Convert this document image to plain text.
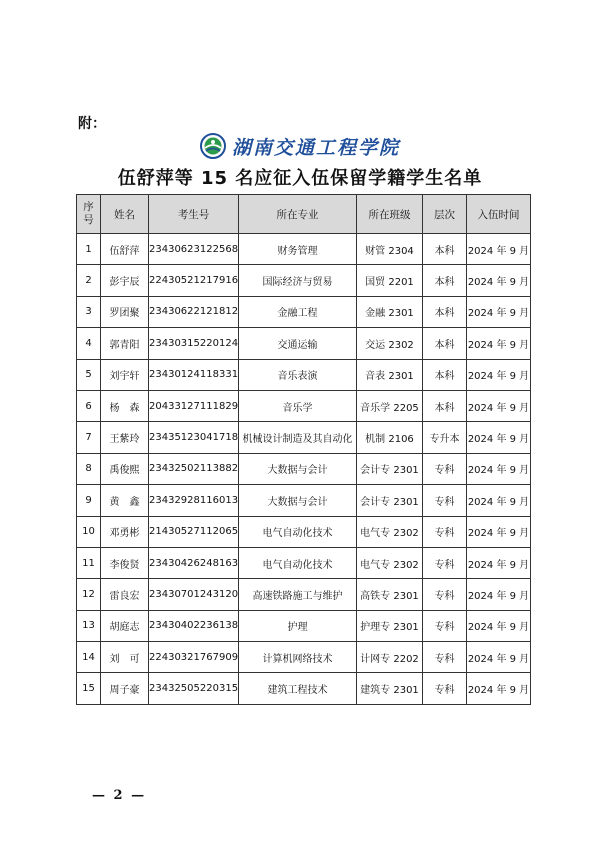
附：
湖南交通工程学院
伍舒萍等 15 名应征入伍保留学籍学生名单
序
号	姓名	考生号	所在专业	所在班级	层次	入伍时间
1	伍舒萍	23430623122568	财务管理	财管 2304	本科	2024 年 9 月
2	彭宇辰	22430521217916	国际经济与贸易	国贸 2201	本科	2024 年 9 月
3	罗团聚	23430622121812	金融工程	金融 2301	本科	2024 年 9 月
4	郭青阳	23430315220124	交通运输	交运 2302	本科	2024 年 9 月
5	刘宇轩	23430124118331	音乐表演	音表 2301	本科	2024 年 9 月
6	杨　森	20433127111829	音乐学	音乐学 2205	本科	2024 年 9 月
7	王紫玲	23435123041718	机械设计制造及其自动化	机制 2106	专升本	2024 年 9 月
8	禹俊熙	23432502113882	大数据与会计	会计专 2301	专科	2024 年 9 月
9	黄　鑫	23432928116013	大数据与会计	会计专 2301	专科	2024 年 9 月
10	邓勇彬	21430527112065	电气自动化技术	电气专 2302	专科	2024 年 9 月
11	李俊贤	23430426248163	电气自动化技术	电气专 2302	专科	2024 年 9 月
12	雷良宏	23430701243120	高速铁路施工与维护	高铁专 2301	专科	2024 年 9 月
13	胡庭志	23430402236138	护理	护理专 2301	专科	2024 年 9 月
14	刘　可	22430321767909	计算机网络技术	计网专 2202	专科	2024 年 9 月
15	周子豪	23432505220315	建筑工程技术	建筑专 2301	专科	2024 年 9 月
— 2 —
